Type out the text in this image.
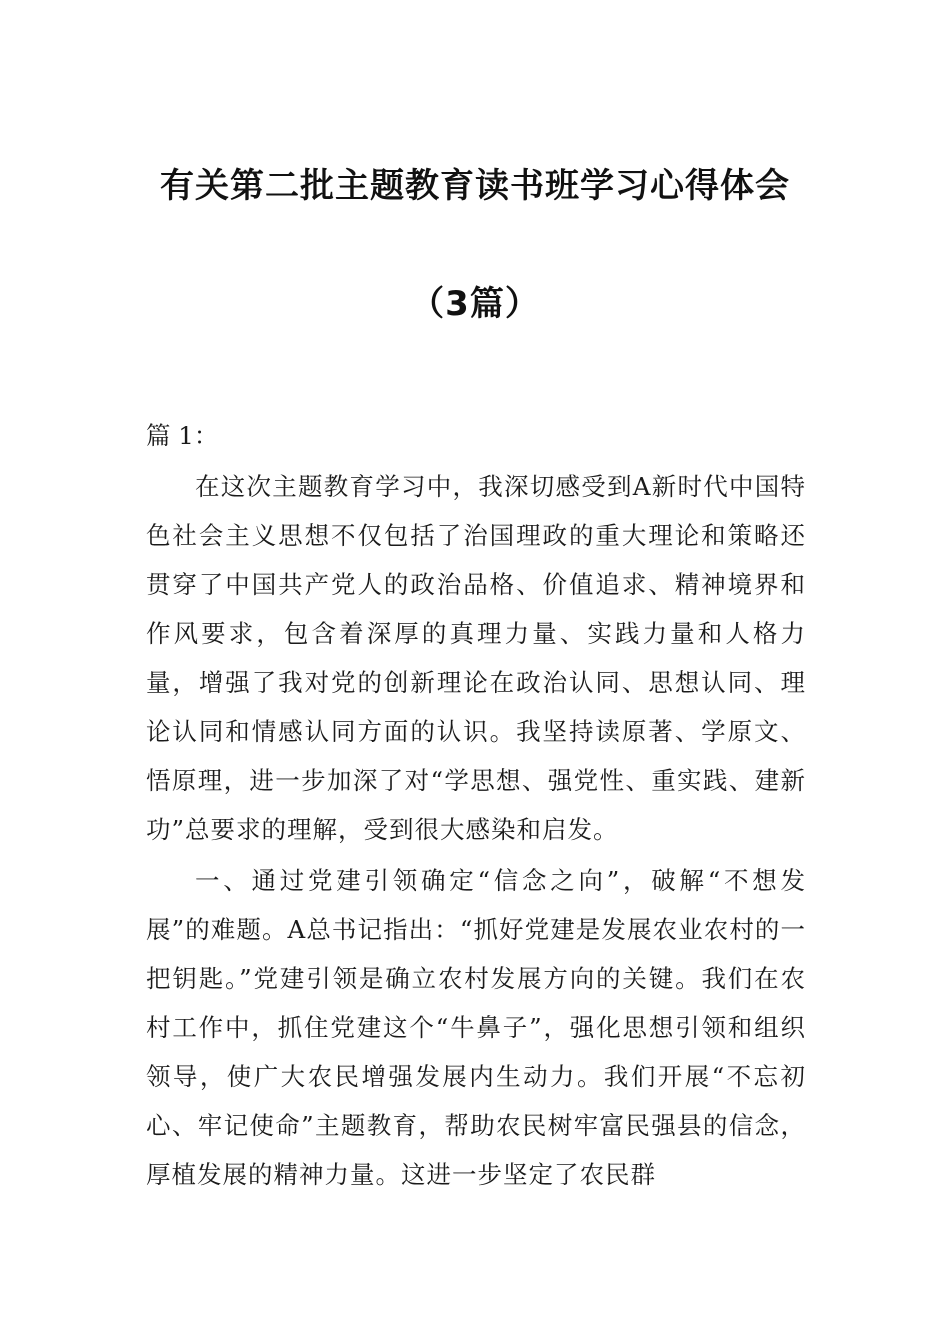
有关第二批主题教育读书班学习心得体会
（3篇）
篇 1：

在这次主题教育学习中，我深切感受到A新时代中国特色社会主义思想不仅包括了治国理政的重大理论和策略还贯穿了中国共产党人的政治品格、价值追求、精神境界和作风要求，包含着深厚的真理力量、实践力量和人格力量，增强了我对党的创新理论在政治认同、思想认同、理论认同和情感认同方面的认识。我坚持读原著、学原文、悟原理，进一步加深了对“学思想、强党性、重实践、建新功”总要求的理解，受到很大感染和启发。

一、通过党建引领确定“信念之向”，破解“不想发展”的难题。A总书记指出：“抓好党建是发展农业农村的一把钥匙。”党建引领是确立农村发展方向的关键。我们在农村工作中，抓住党建这个“牛鼻子”，强化思想引领和组织领导，使广大农民增强发展内生动力。我们开展“不忘初心、牢记使命”主题教育，帮助农民树牢富民强县的信念，厚植发展的精神力量。这进一步坚定了农民群
